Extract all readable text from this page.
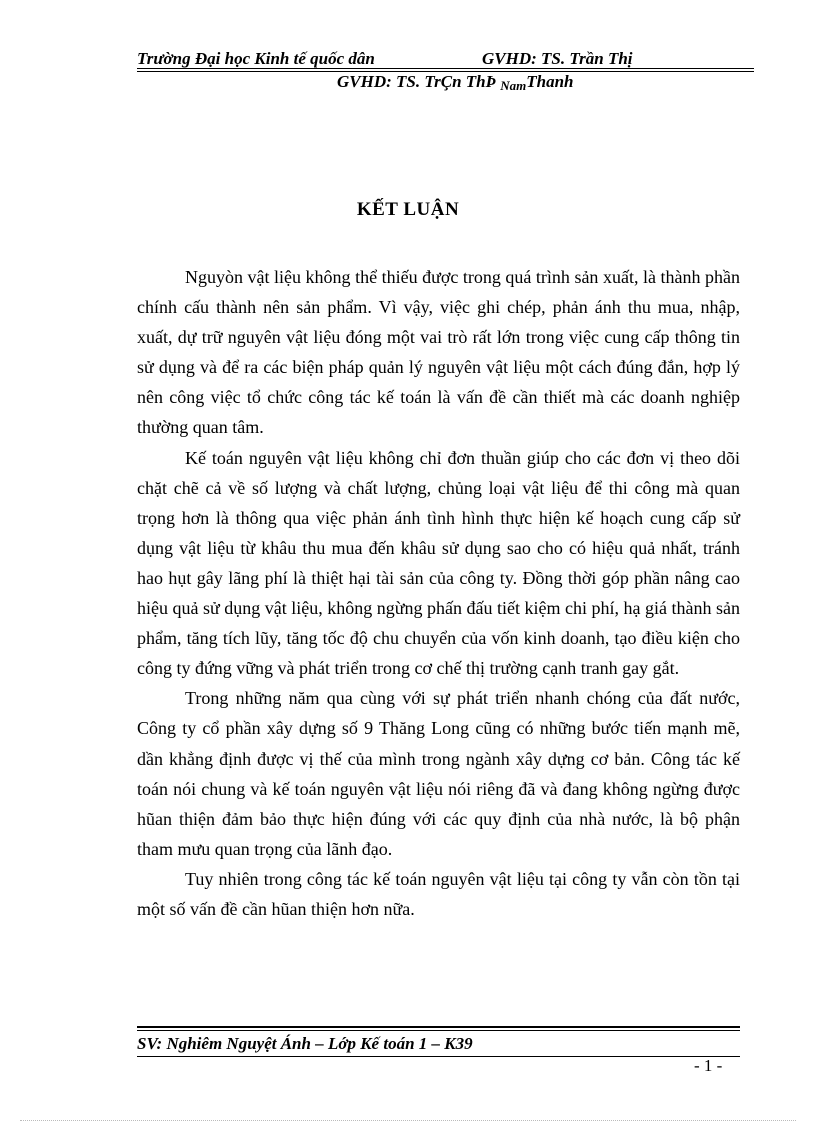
Trường Đại học Kinh tế quốc dân	GVHD: TS. Trần Thị
GVHD: TS. TrÇn ThÞ NamThanh
KẾT LUẬN

Nguyòn vật liệu không thể thiếu được trong quá trình sản xuất, là thành phần chính cấu thành nên sản phẩm. Vì vậy, việc ghi chép, phản ánh thu mua, nhập, xuất, dự trữ nguyên vật liệu đóng một vai trò rất lớn trong việc cung cấp thông tin sử dụng và để ra các biện pháp quản lý nguyên vật liệu một cách đúng đắn, hợp lý nên công việc tổ chức công tác kế toán là vấn đề cần thiết mà các doanh nghiệp thường quan tâm.

Kế toán nguyên vật liệu không chỉ đơn thuần giúp cho các đơn vị theo dõi chặt chẽ cả về số lượng và chất lượng, chủng loại vật liệu để thi công mà quan trọng hơn là thông qua việc phản ánh tình hình thực hiện kế hoạch cung cấp sử dụng vật liệu từ khâu thu mua đến khâu sử dụng sao cho có hiệu quả nhất, tránh hao hụt gây lãng phí là thiệt hại tài sản của công ty. Đồng thời góp phần nâng cao hiệu quả sử dụng vật liệu, không ngừng phấn đấu tiết kiệm chi phí, hạ giá thành sản phẩm, tăng tích lũy, tăng tốc độ chu chuyển của vốn kinh doanh, tạo điều kiện cho công ty đứng vững và phát triển trong cơ chế thị trường cạnh tranh gay gắt.

Trong những năm qua cùng với sự phát triển nhanh chóng của đất nước, Công ty cổ phần xây dựng số 9 Thăng Long cũng có những bước tiến mạnh mẽ, dần khẳng định được vị thế của mình trong ngành xây dựng cơ bản. Công tác kế toán nói chung và kế toán nguyên vật liệu nói riêng đã và đang không ngừng được hũan thiện đảm bảo thực hiện đúng với các quy định của nhà nước, là bộ phận tham mưu quan trọng của lãnh đạo.

Tuy nhiên trong công tác kế toán nguyên vật liệu tại công ty vẫn còn tồn tại một số vấn đề cần hũan thiện hơn nữa.

SV: Nghiêm Nguyệt Ánh – Lớp Kế toán 1 – K39
- 1 -
